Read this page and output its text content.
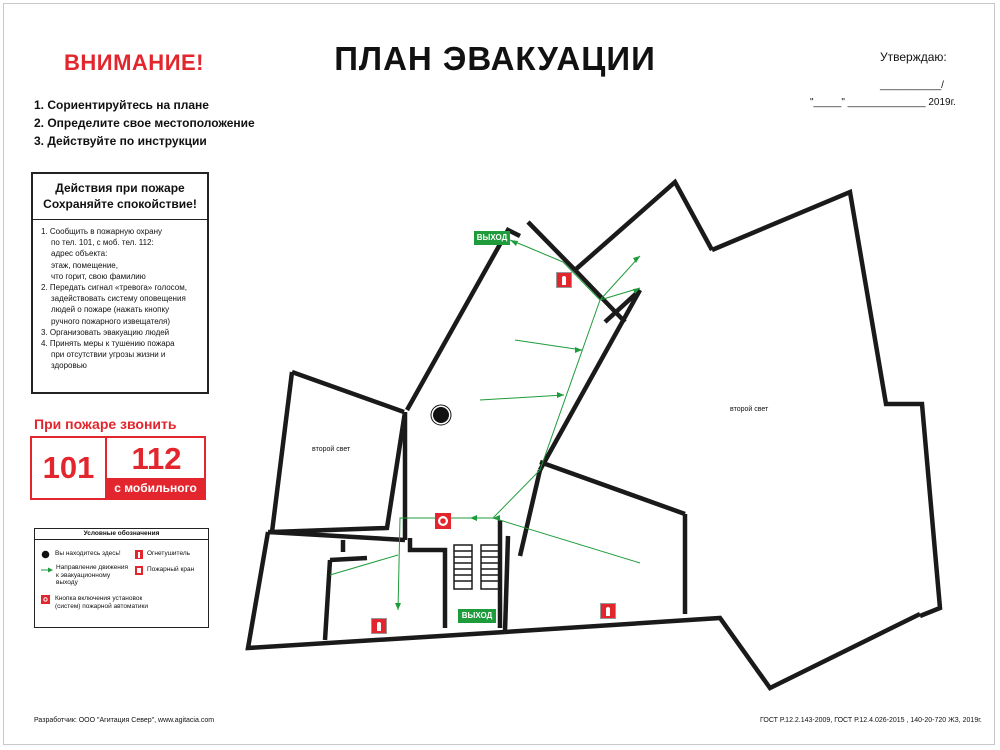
ВНИМАНИЕ!	ПЛАН ЭВАКУАЦИИ	Утверждаю:
___________/
"_____" ______________ 2019г.
1. Сориентируйтесь на плане
2. Определите свое местоположение
3. Действуйте по инструкции
Действия при пожаре
Сохраняйте спокойствие!
1. Сообщить в пожарную охрану
по тел. 101, с моб. тел. 112:
адрес объекта:
этаж, помещение,
что горит, свою фамилию
2. Передать сигнал «тревога» голосом,
задействовать систему оповещения
людей о пожаре (нажать кнопку
ручного пожарного извещателя)
3. Организовать эвакуацию людей
4. Принять меры к тушению пожара
при отсутствии угрозы жизни и
здоровью
При пожаре звонить
101	112
с мобильного
Условные обозначения
Вы находитесь здесь!
Направление движения к эвакуационному выходу
Кнопка включения установок (систем) пожарной автоматики
Огнетушитель
Пожарный кран
ВЫХОД
ВЫХОД
второй свет
второй свет
Разработчик: ООО "Агитация Север", www.agitacia.com	ГОСТ Р.12.2.143-2009, ГОСТ Р.12.4.026-2015 , 140-20-720 ЖЗ, 2019г.
